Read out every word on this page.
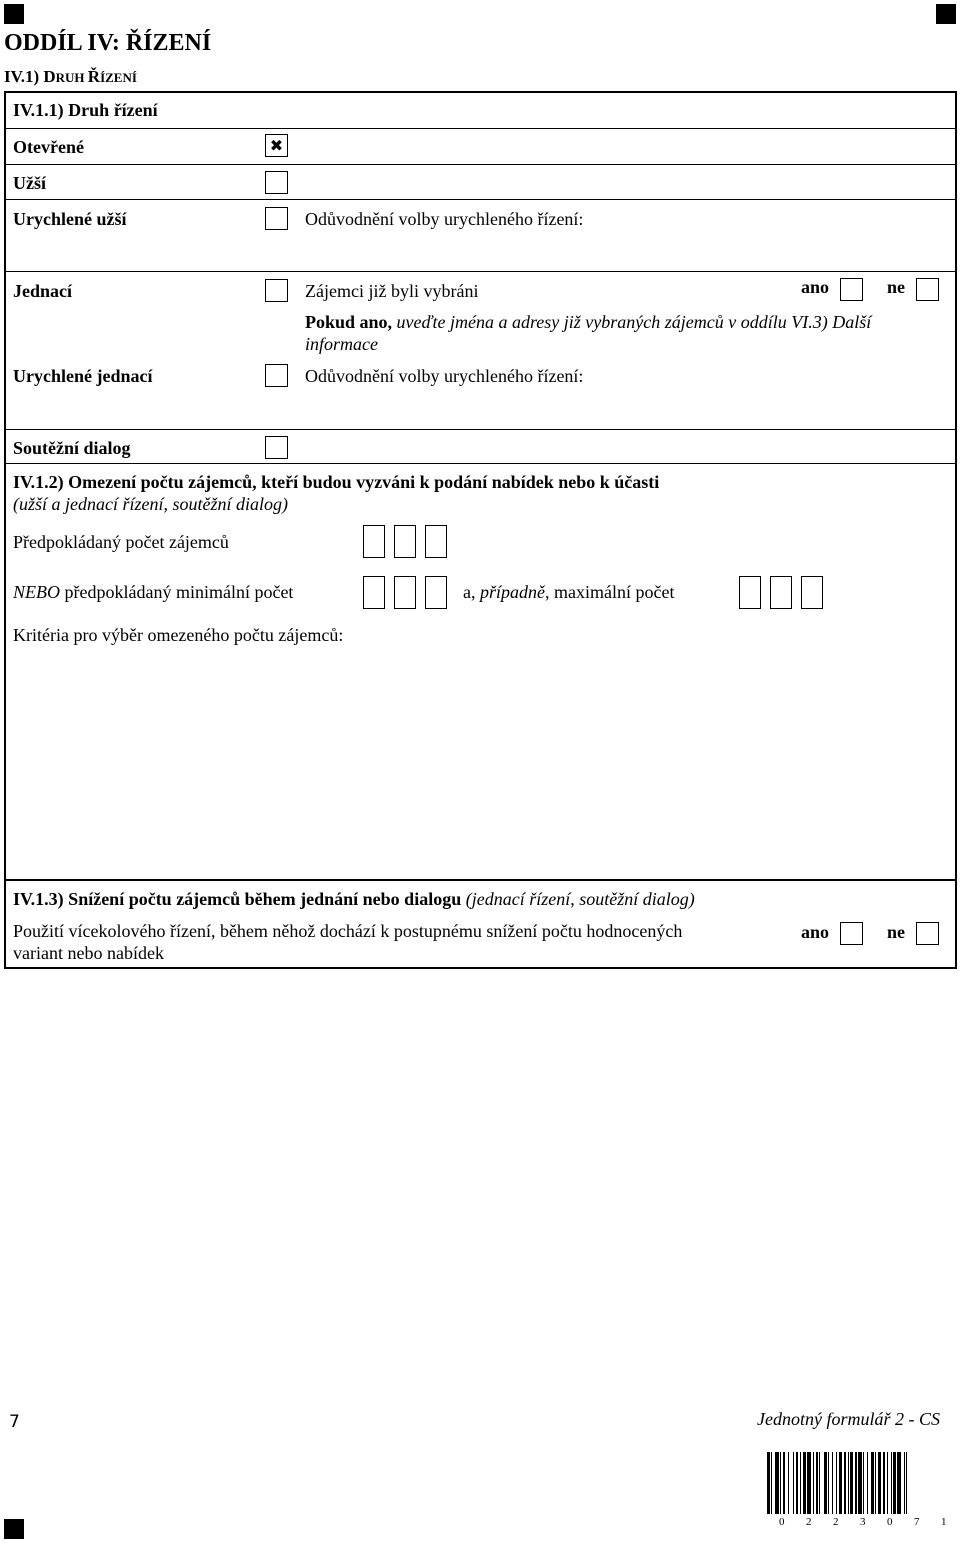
ODDÍL IV: ŘÍZENÍ
IV.1) DRUH ŘÍZENÍ
IV.1.1) Druh řízení
Otevřené	✖
Užší
Urychlené užší	Odůvodnění volby urychleného řízení:
Jednací	Zájemci již byli vybráni	ano	ne
Pokud ano, uveďte jména a adresy již vybraných zájemců v oddílu VI.3) Další
informace
Urychlené jednací	Odůvodnění volby urychleného řízení:
Soutěžní dialog
IV.1.2) Omezení počtu zájemců, kteří budou vyzváni k podání nabídek nebo k účasti
(užší a jednací řízení, soutěžní dialog)
Předpokládaný počet zájemců
NEBO předpokládaný minimální počet	a, případně, maximální počet
Kritéria pro výběr omezeného počtu zájemců:
IV.1.3) Snížení počtu zájemců během jednání nebo dialogu (jednací řízení, soutěžní dialog)
Použití vícekolového řízení, během něhož dochází k postupnému snížení počtu hodnocených
variant nebo nabídek
ano	ne
7	Jednotný formulář 2 - CS
0 2 2 3 0 7 1
